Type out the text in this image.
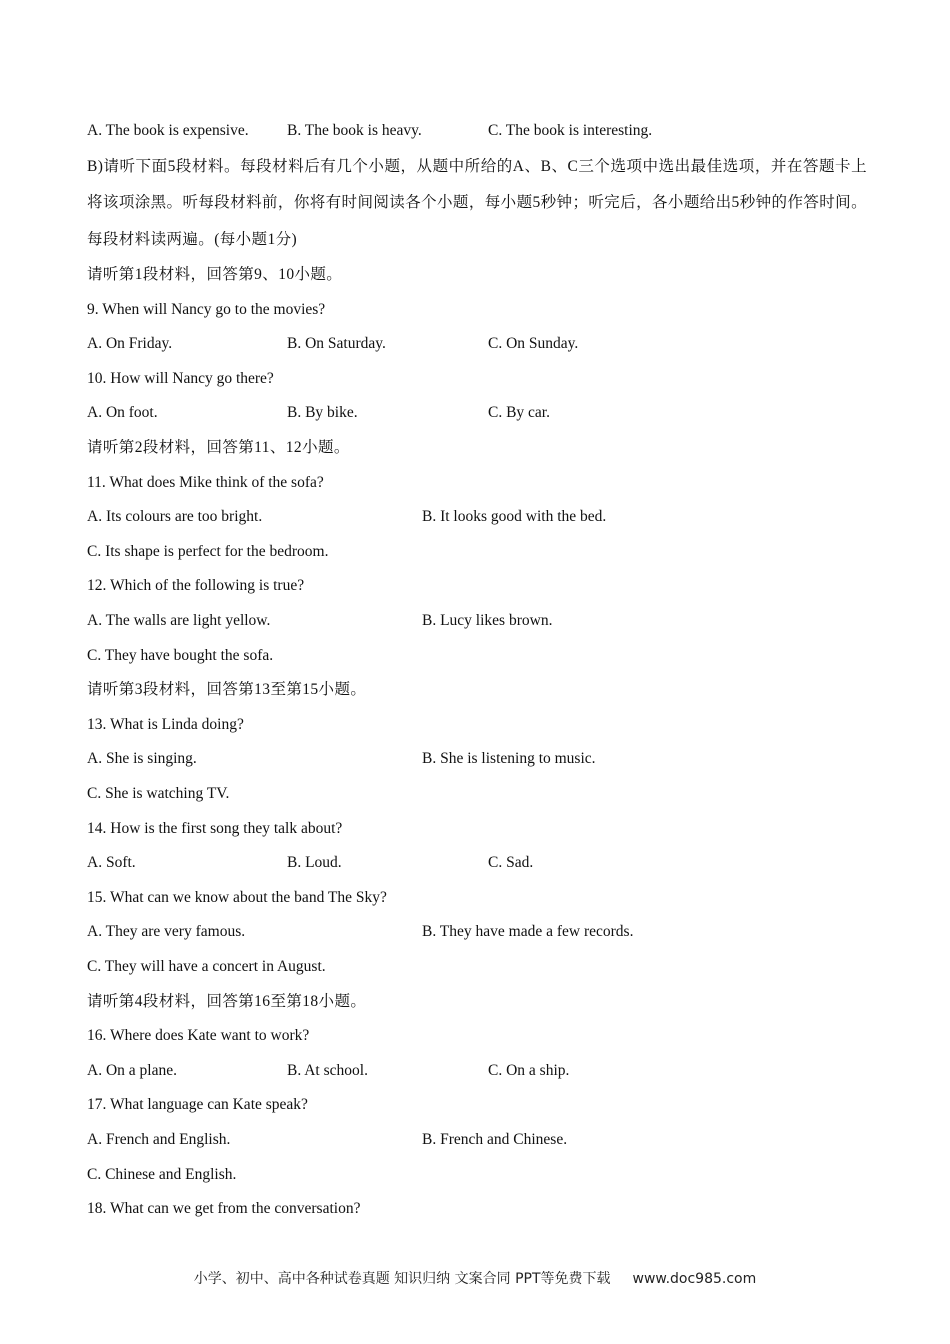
A. The book is expensive. B. The book is heavy.	C. The book is interesting.
B)请听下面5段材料。每段材料后有几个小题，从题中所给的A、B、C三个选项中选出最佳选项，并在答题卡上将该项涂黑。听每段材料前，你将有时间阅读各个小题，每小题5秒钟；听完后，各小题给出5秒钟的作答时间。每段材料读两遍。(每小题1分)
请听第1段材料，回答第9、10小题。
9. When will Nancy go to the movies?
A. On Friday.	B. On Saturday.	C. On Sunday.
10. How will Nancy go there?
A. On foot.	B. By bike.	C. By car.
请听第2段材料，回答第11、12小题。
11. What does Mike think of the sofa?
A. Its colours are too bright.	B. It looks good with the bed.
C. Its shape is perfect for the bedroom.
12. Which of the following is true?
A. The walls are light yellow.	B. Lucy likes brown.
C. They have bought the sofa.
请听第3段材料，回答第13至第15小题。
13. What is Linda doing?
A. She is singing.	B. She is listening to music.
C. She is watching TV.
14. How is the first song they talk about?
A. Soft.	B. Loud.	C. Sad.
15. What can we know about the band The Sky?
A. They are very famous.	B. They have made a few records.
C. They will have a concert in August.
请听第4段材料，回答第16至第18小题。
16. Where does Kate want to work?
A. On a plane.	B. At school.	C. On a ship.
17. What language can Kate speak?
A. French and English.	B. French and Chinese.
C. Chinese and English.
18. What can we get from the conversation?
小学、初中、高中各种试卷真题 知识归纳 文案合同 PPT等免费下载 www.doc985.com
